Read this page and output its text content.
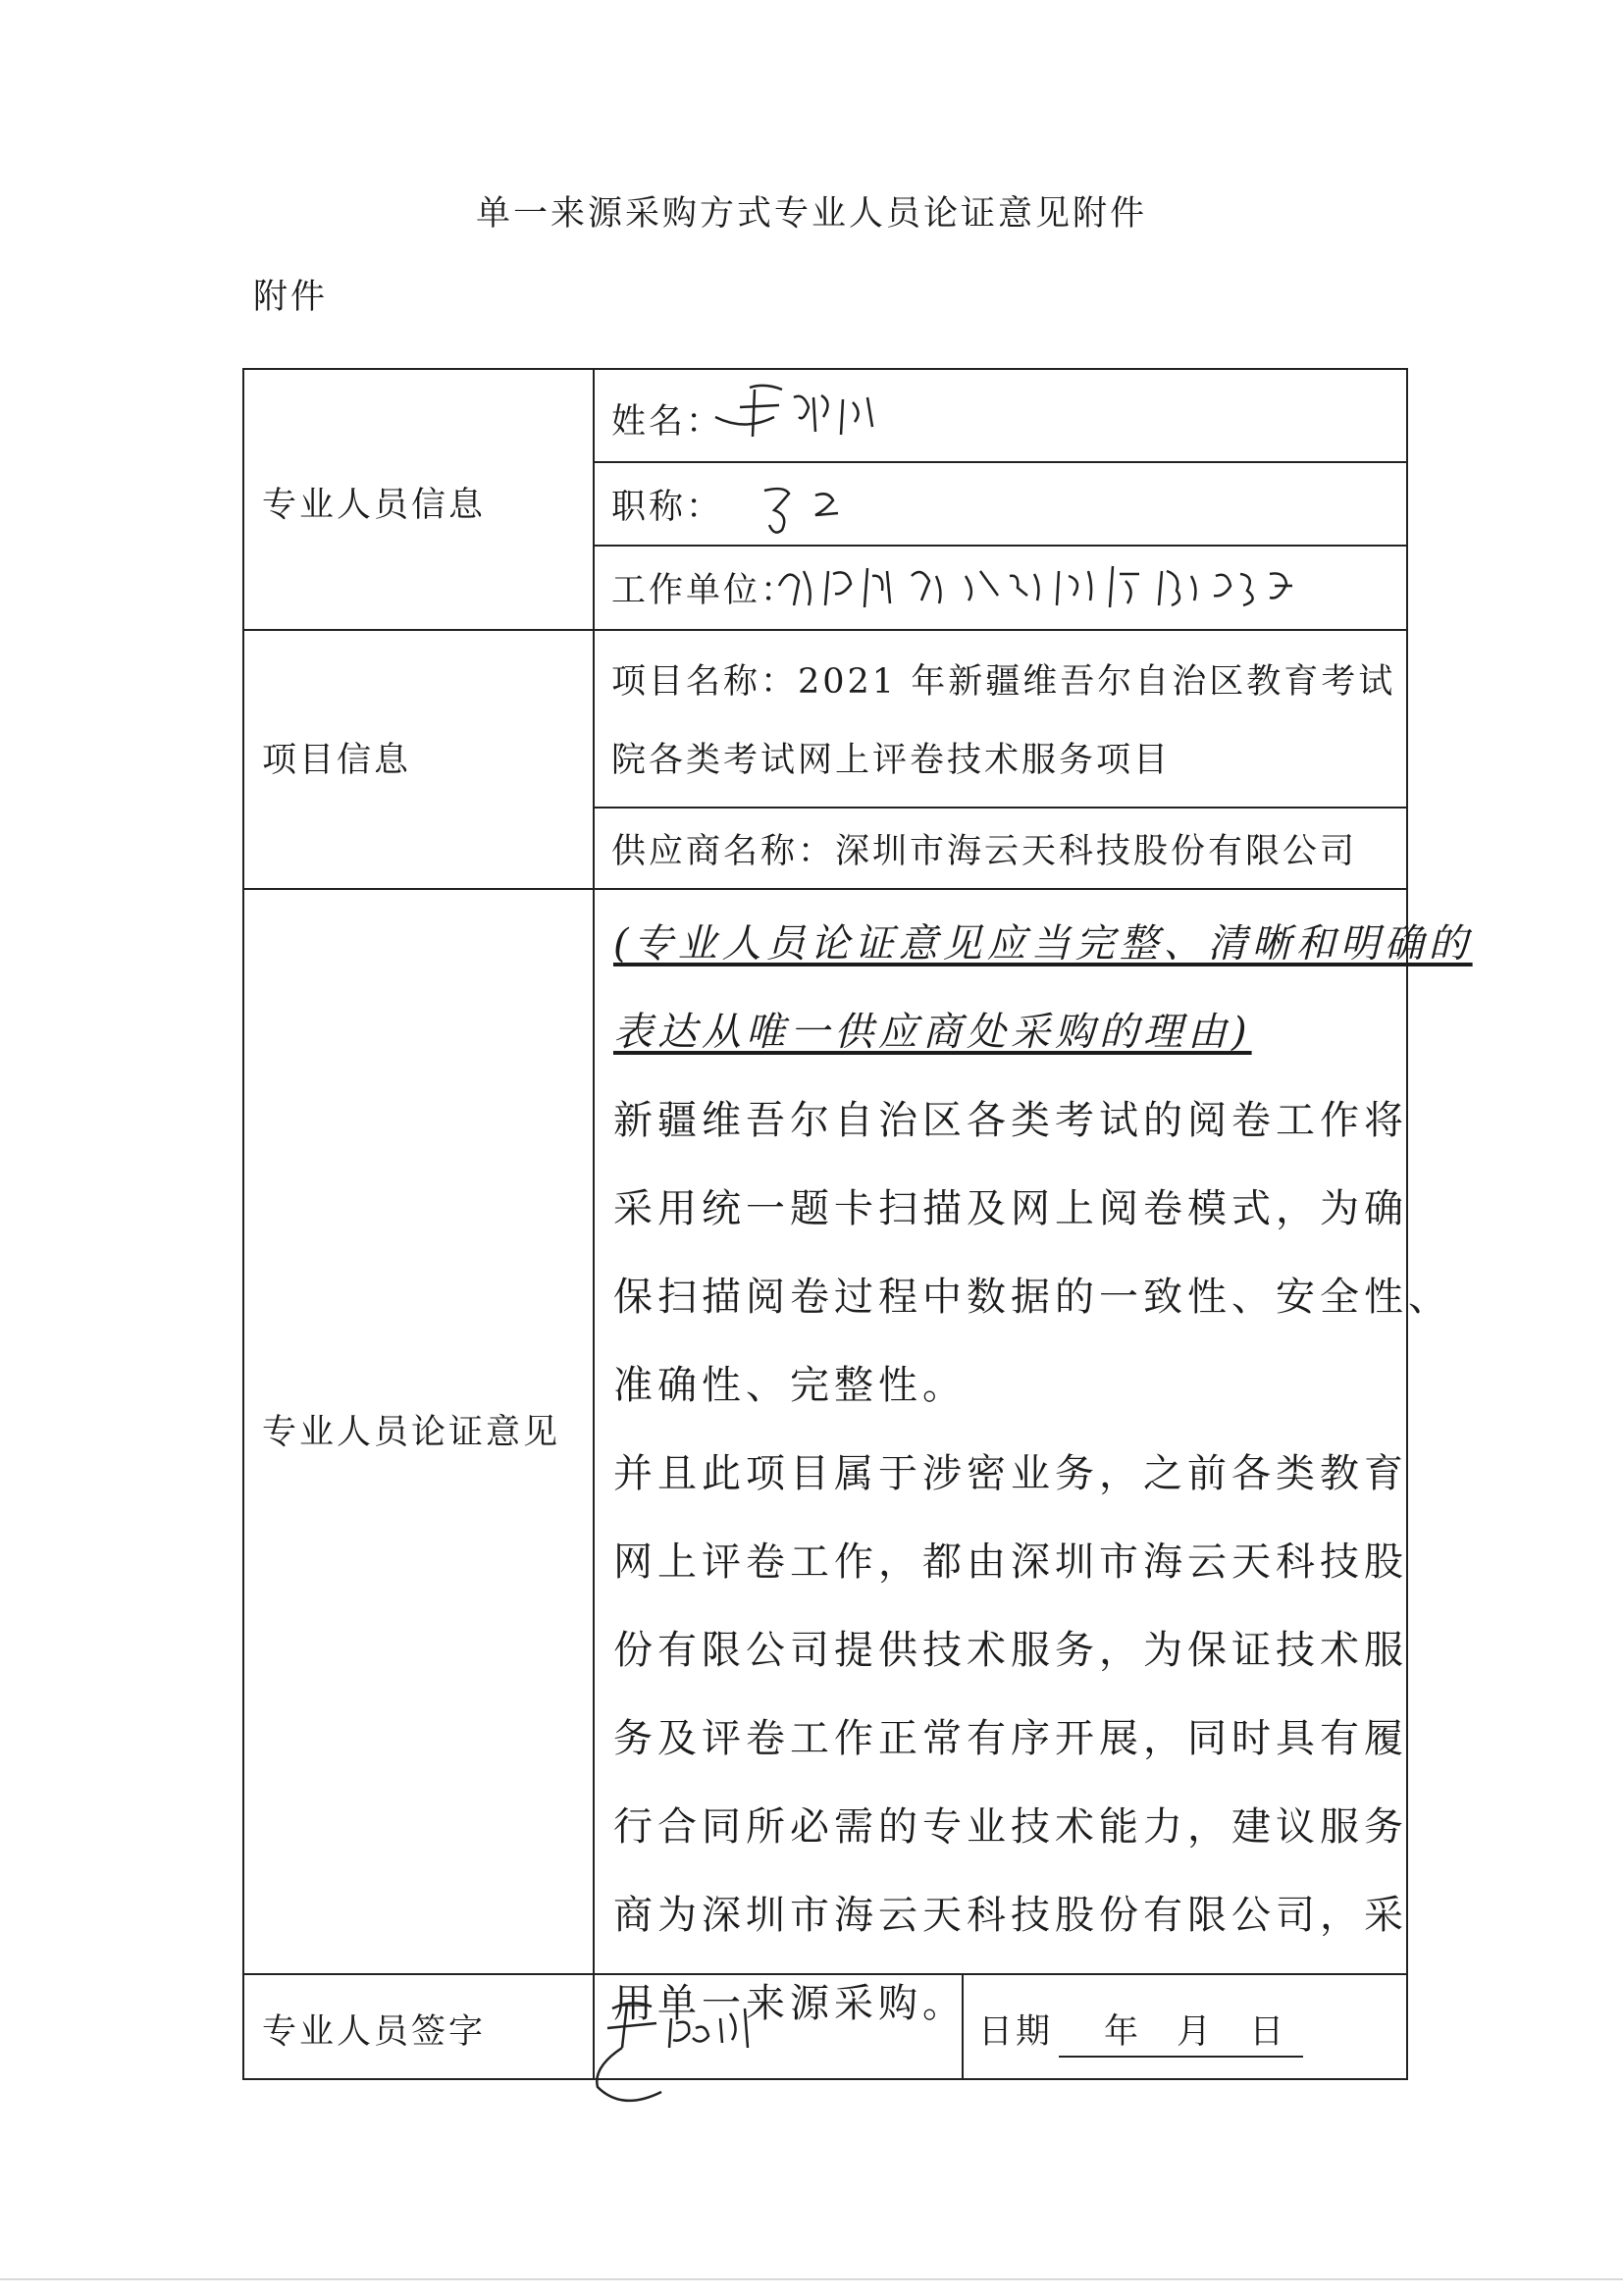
单一来源采购方式专业人员论证意见附件
附件
专业人员信息
姓名：
职称：
工作单位：
项目信息
项目名称：2021 年新疆维吾尔自治区教育考试
院各类考试网上评卷技术服务项目
供应商名称：深圳市海云天科技股份有限公司
专业人员论证意见
(专业人员论证意见应当完整、清晰和明确的
表达从唯一供应商处采购的理由)
新疆维吾尔自治区各类考试的阅卷工作将
采用统一题卡扫描及网上阅卷模式，为确
保扫描阅卷过程中数据的一致性、安全性、
准确性、完整性。
并且此项目属于涉密业务，之前各类教育
网上评卷工作，都由深圳市海云天科技股
份有限公司提供技术服务，为保证技术服
务及评卷工作正常有序开展，同时具有履
行合同所必需的专业技术能力，建议服务
商为深圳市海云天科技股份有限公司，采
用单一来源采购。
专业人员签字	日期 年 月 日
